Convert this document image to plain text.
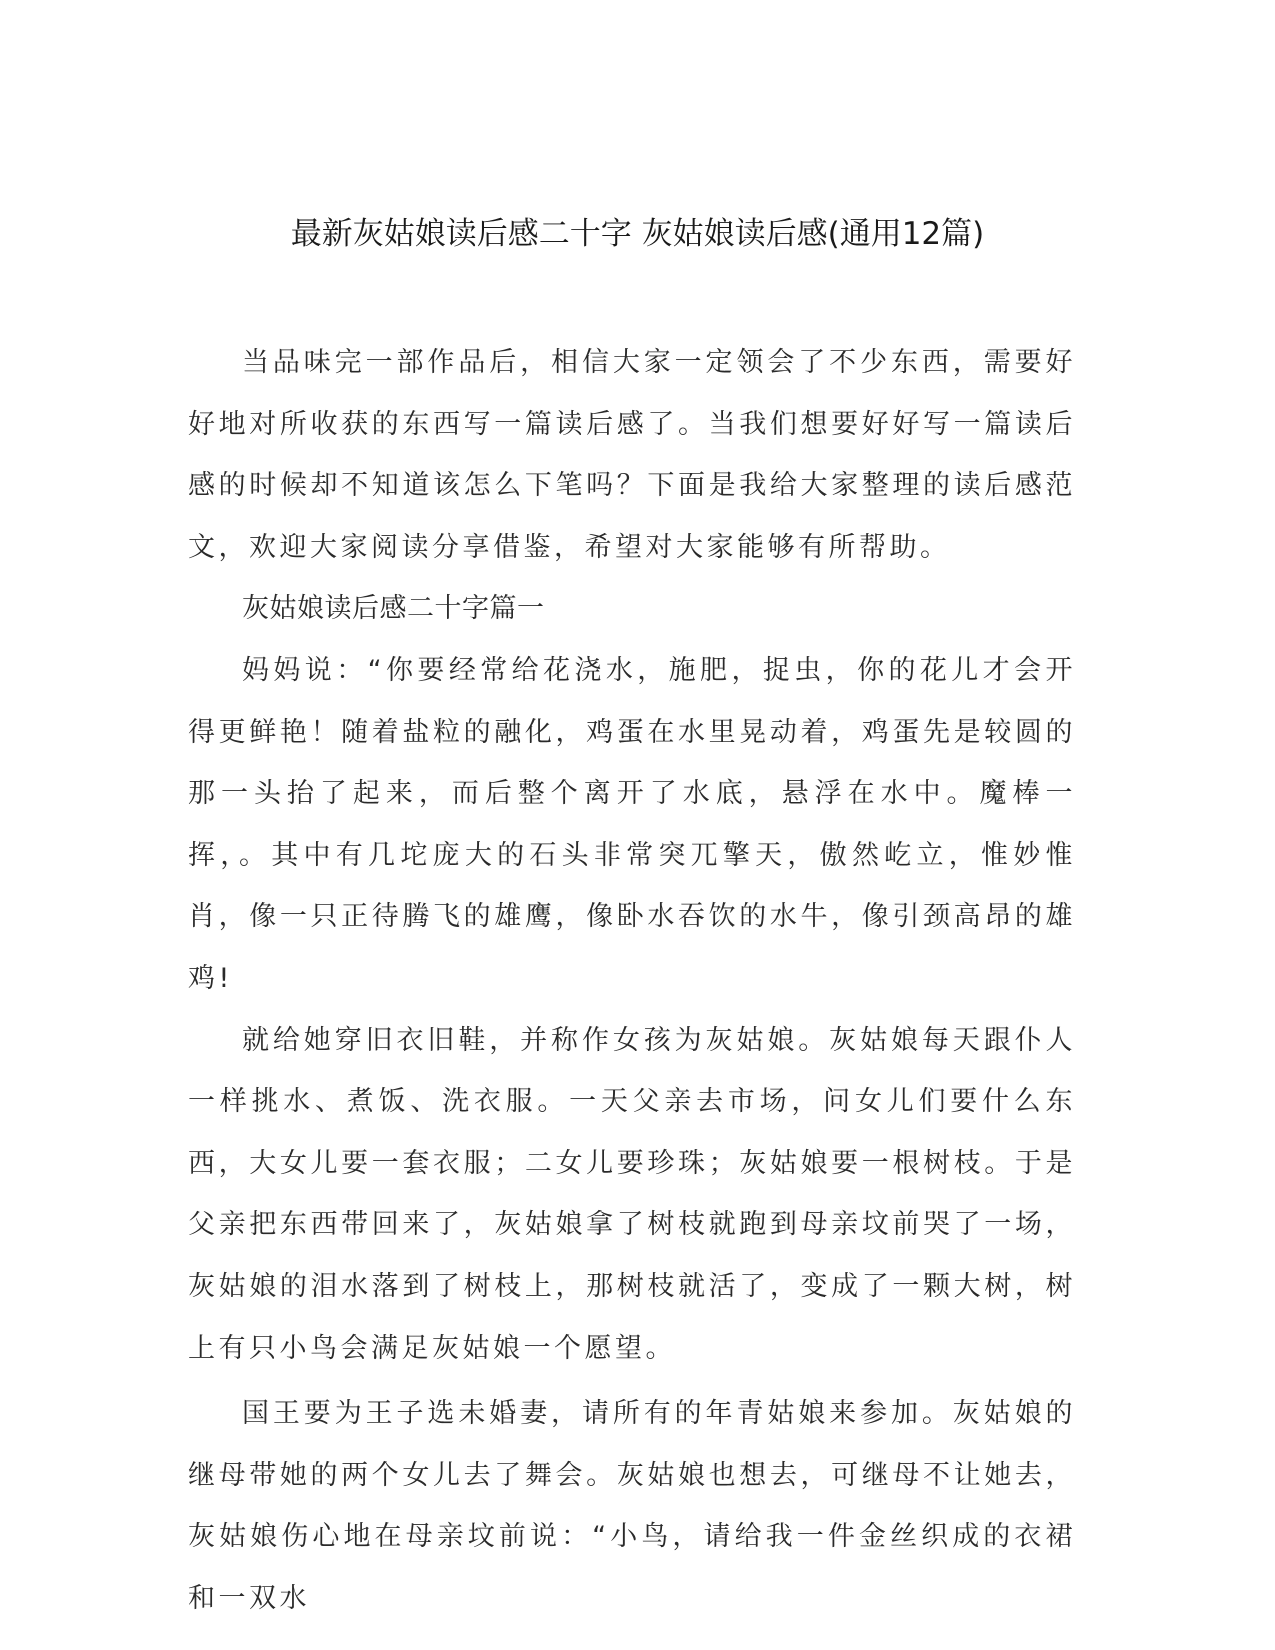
最新灰姑娘读后感二十字 灰姑娘读后感(通用12篇)

当品味完一部作品后，相信大家一定领会了不少东西，需要好好地对所收获的东西写一篇读后感了。当我们想要好好写一篇读后感的时候却不知道该怎么下笔吗？下面是我给大家整理的读后感范文，欢迎大家阅读分享借鉴，希望对大家能够有所帮助。

灰姑娘读后感二十字篇一

妈妈说：“你要经常给花浇水，施肥，捉虫，你的花儿才会开得更鲜艳！随着盐粒的融化，鸡蛋在水里晃动着，鸡蛋先是较圆的那一头抬了起来，而后整个离开了水底，悬浮在水中。魔棒一挥，。其中有几坨庞大的石头非常突兀擎天，傲然屹立，惟妙惟肖，像一只正待腾飞的雄鹰，像卧水吞饮的水牛，像引颈高昂的雄鸡!

就给她穿旧衣旧鞋，并称作女孩为灰姑娘。灰姑娘每天跟仆人一样挑水、煮饭、洗衣服。一天父亲去市场，问女儿们要什么东西，大女儿要一套衣服；二女儿要珍珠；灰姑娘要一根树枝。于是父亲把东西带回来了，灰姑娘拿了树枝就跑到母亲坟前哭了一场，灰姑娘的泪水落到了树枝上，那树枝就活了，变成了一颗大树，树上有只小鸟会满足灰姑娘一个愿望。

国王要为王子选未婚妻，请所有的年青姑娘来参加。灰姑娘的继母带她的两个女儿去了舞会。灰姑娘也想去，可继母不让她去，灰姑娘伤心地在母亲坟前说：“小鸟，请给我一件金丝织成的衣裙和一双水
